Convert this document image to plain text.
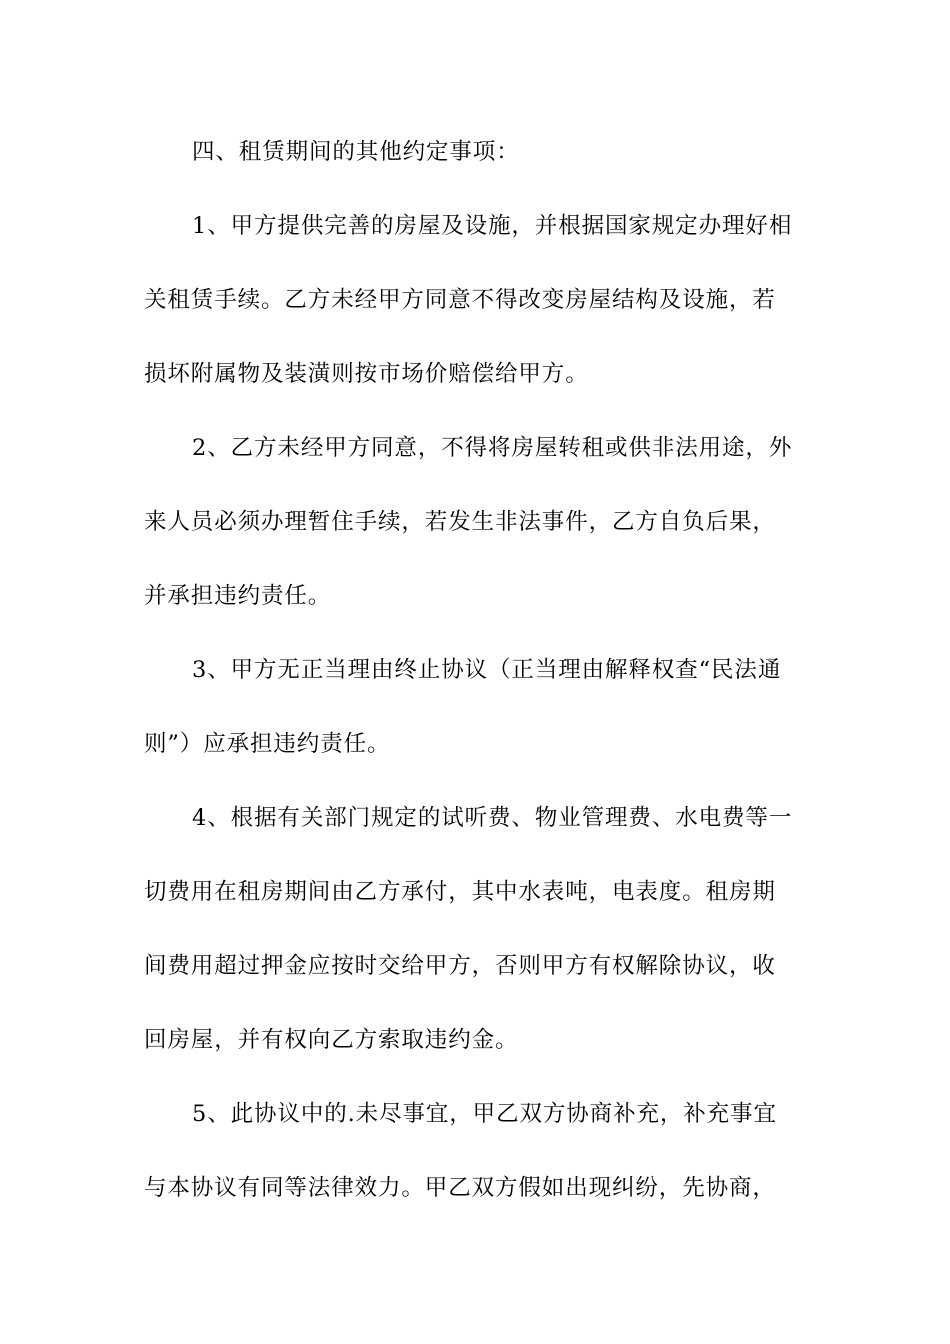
四、租赁期间的其他约定事项：
1、甲方提供完善的房屋及设施，并根据国家规定办理好相
关租赁手续。乙方未经甲方同意不得改变房屋结构及设施，若
损坏附属物及装潢则按市场价赔偿给甲方。
2、乙方未经甲方同意，不得将房屋转租或供非法用途，外
来人员必须办理暂住手续，若发生非法事件，乙方自负后果，
并承担违约责任。
3、甲方无正当理由终止协议（正当理由解释权查“民法通
则”）应承担违约责任。
4、根据有关部门规定的试听费、物业管理费、水电费等一
切费用在租房期间由乙方承付，其中水表吨，电表度。租房期
间费用超过押金应按时交给甲方，否则甲方有权解除协议，收
回房屋，并有权向乙方索取违约金。
5、此协议中的.未尽事宜，甲乙双方协商补充，补充事宜
与本协议有同等法律效力。甲乙双方假如出现纠纷，先协商，
